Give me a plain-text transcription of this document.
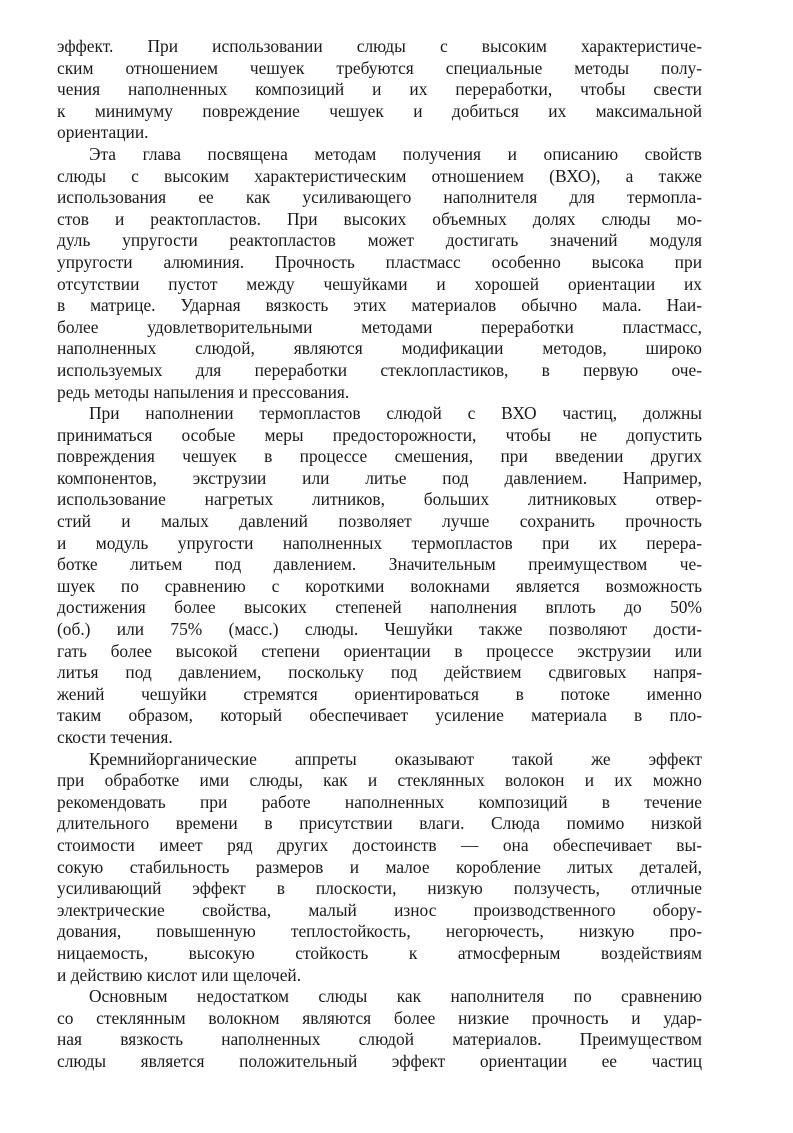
эффект. При использовании слюды с высоким характеристиче-
ским отношением чешуек требуются специальные методы полу-
чения наполненных композиций и их переработки, чтобы свести
к минимуму повреждение чешуек и добиться их максимальной
ориентации.
Эта глава посвящена методам получения и описанию свойств
слюды с высоким характеристическим отношением (ВХО), а также
использования ее как усиливающего наполнителя для термопла-
стов и реактопластов. При высоких объемных долях слюды мо-
дуль упругости реактопластов может достигать значений модуля
упругости алюминия. Прочность пластмасс особенно высока при
отсутствии пустот между чешуйками и хорошей ориентации их
в матрице. Ударная вязкость этих материалов обычно мала. Наи-
более удовлетворительными методами переработки пластмасс,
наполненных слюдой, являются модификации методов, широко
используемых для переработки стеклопластиков, в первую оче-
редь методы напыления и прессования.
При наполнении термопластов слюдой с ВХО частиц, должны
приниматься особые меры предосторожности, чтобы не допустить
повреждения чешуек в процессе смешения, при введении других
компонентов, экструзии или литье под давлением. Например,
использование нагретых литников, больших литниковых отвер-
стий и малых давлений позволяет лучше сохранить прочность
и модуль упругости наполненных термопластов при их перера-
ботке литьем под давлением. Значительным преимуществом че-
шуек по сравнению с короткими волокнами является возможность
достижения более высоких степеней наполнения вплоть до 50%
(об.) или 75% (масс.) слюды. Чешуйки также позволяют дости-
гать более высокой степени ориентации в процессе экструзии или
литья под давлением, поскольку под действием сдвиговых напря-
жений чешуйки стремятся ориентироваться в потоке именно
таким образом, который обеспечивает усиление материала в пло-
скости течения.
Кремнийорганические аппреты оказывают такой же эффект
при обработке ими слюды, как и стеклянных волокон и их можно
рекомендовать при работе наполненных композиций в течение
длительного времени в присутствии влаги. Слюда помимо низкой
стоимости имеет ряд других достоинств — она обеспечивает вы-
сокую стабильность размеров и малое коробление литых деталей,
усиливающий эффект в плоскости, низкую ползучесть, отличные
электрические свойства, малый износ производственного обору-
дования, повышенную теплостойкость, негорючесть, низкую про-
ницаемость, высокую стойкость к атмосферным воздействиям
и действию кислот или щелочей.
Основным недостатком слюды как наполнителя по сравнению
со стеклянным волокном являются более низкие прочность и удар-
ная вязкость наполненных слюдой материалов. Преимуществом
слюды является положительный эффект ориентации ее частиц
